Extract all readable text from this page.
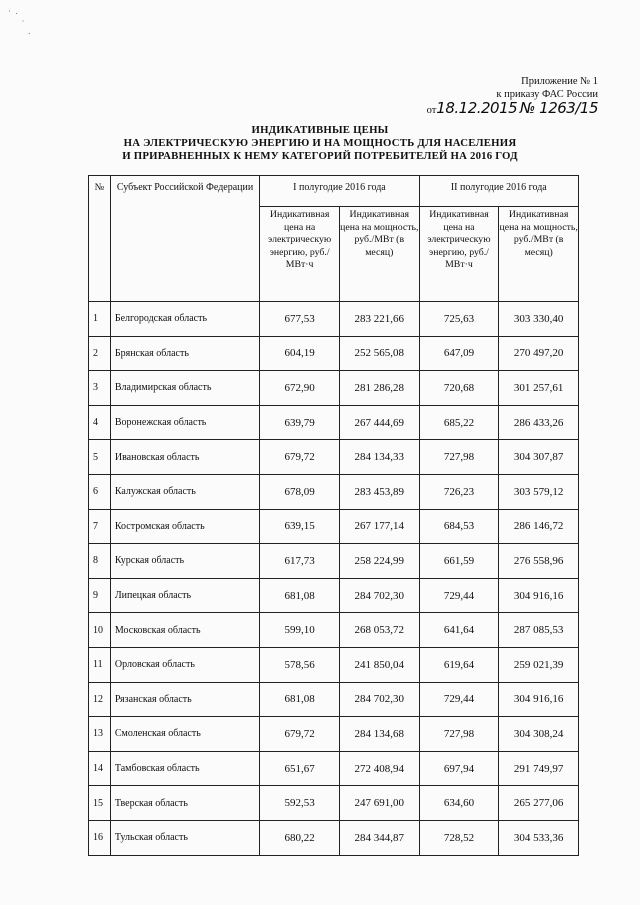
·  .
·
.
Приложение № 1
к приказу ФАС России
от18.12.2015 № 1263/15
ИНДИКАТИВНЫЕ ЦЕНЫ
НА ЭЛЕКТРИЧЕСКУЮ ЭНЕРГИЮ И НА МОЩНОСТЬ ДЛЯ НАСЕЛЕНИЯ
И ПРИРАВНЕННЫХ К НЕМУ КАТЕГОРИЙ ПОТРЕБИТЕЛЕЙ НА 2016 ГОД
№	Субъект Российской Федерации	I полугодие 2016 года		II полугодие 2016 года	
		Индикативная цена на электрическую энергию, руб./МВт·ч	Индикативная цена на мощность, руб./МВт (в месяц)	Индикативная цена на электрическую энергию, руб./МВт·ч	Индикативная цена на мощность, руб./МВт (в месяц)
1	Белгородская область	677,53	283 221,66	725,63	303 330,40
2	Брянская область	604,19	252 565,08	647,09	270 497,20
3	Владимирская область	672,90	281 286,28	720,68	301 257,61
4	Воронежская область	639,79	267 444,69	685,22	286 433,26
5	Ивановская область	679,72	284 134,33	727,98	304 307,87
6	Калужская область	678,09	283 453,89	726,23	303 579,12
7	Костромская область	639,15	267 177,14	684,53	286 146,72
8	Курская область	617,73	258 224,99	661,59	276 558,96
9	Липецкая область	681,08	284 702,30	729,44	304 916,16
10	Московская область	599,10	268 053,72	641,64	287 085,53
11	Орловская область	578,56	241 850,04	619,64	259 021,39
12	Рязанская область	681,08	284 702,30	729,44	304 916,16
13	Смоленская область	679,72	284 134,68	727,98	304 308,24
14	Тамбовская область	651,67	272 408,94	697,94	291 749,97
15	Тверская область	592,53	247 691,00	634,60	265 277,06
16	Тульская область	680,22	284 344,87	728,52	304 533,36
